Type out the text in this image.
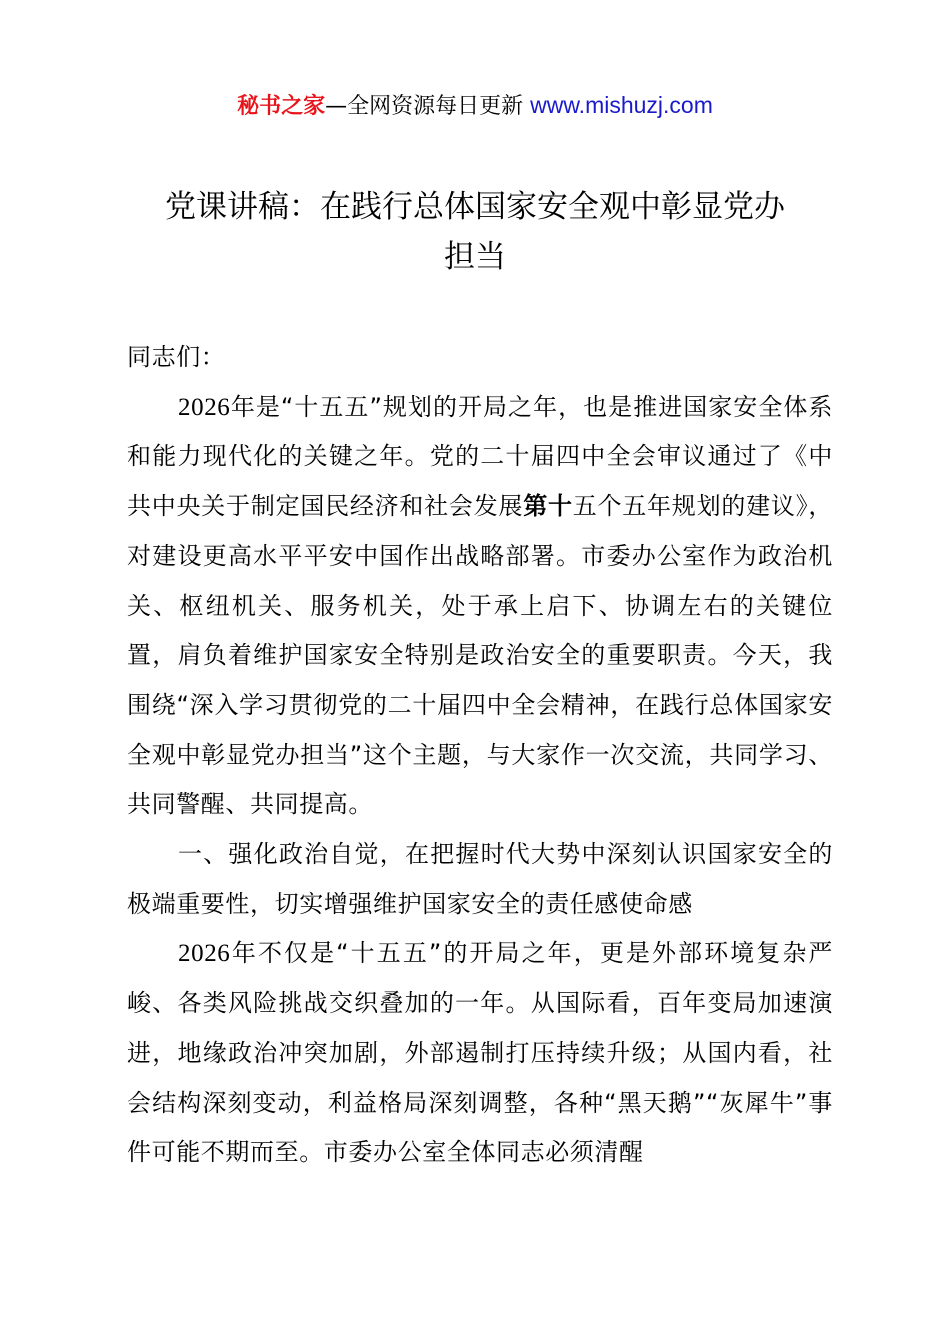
秘书之家—全网资源每日更新 www.mishuzj.com
党课讲稿：在践行总体国家安全观中彰显党办
担当

同志们：

2026年是“十五五”规划的开局之年，也是推进国家安全体系和能力现代化的关键之年。党的二十届四中全会审议通过了《中共中央关于制定国民经济和社会发展第十五个五年规划的建议》，对建设更高水平平安中国作出战略部署。市委办公室作为政治机关、枢纽机关、服务机关，处于承上启下、协调左右的关键位置，肩负着维护国家安全特别是政治安全的重要职责。今天，我围绕“深入学习贯彻党的二十届四中全会精神，在践行总体国家安全观中彰显党办担当”这个主题，与大家作一次交流，共同学习、共同警醒、共同提高。

一、强化政治自觉，在把握时代大势中深刻认识国家安全的极端重要性，切实增强维护国家安全的责任感使命感

2026年不仅是“十五五”的开局之年，更是外部环境复杂严峻、各类风险挑战交织叠加的一年。从国际看，百年变局加速演进，地缘政治冲突加剧，外部遏制打压持续升级；从国内看，社会结构深刻变动，利益格局深刻调整，各种“黑天鹅”“灰犀牛”事件可能不期而至。市委办公室全体同志必须清醒
